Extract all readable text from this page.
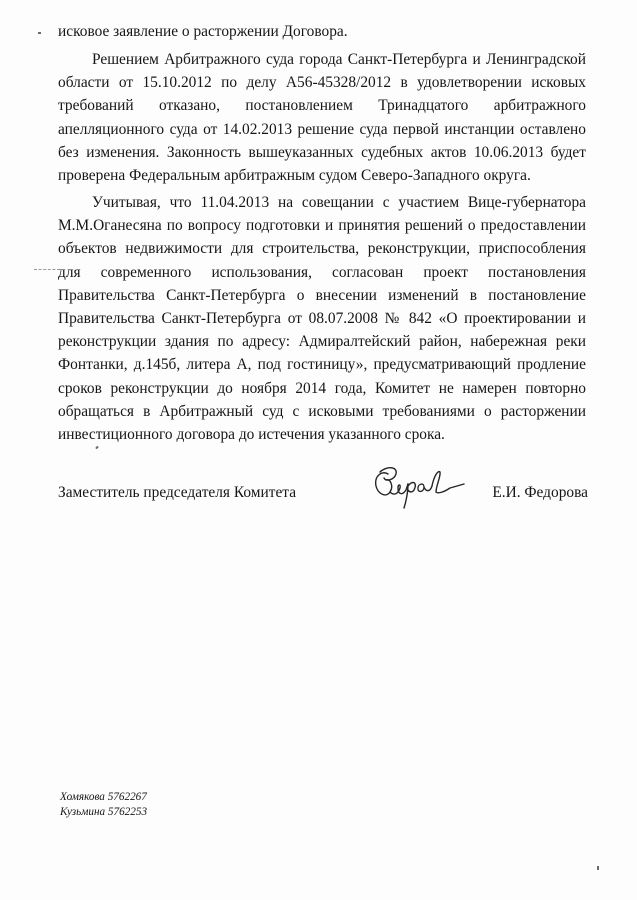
исковое заявление о расторжении Договора.

Решением Арбитражного суда города Санкт-Петербурга и Ленинградской области от 15.10.2012 по делу А56-45328/2012 в удовлетворении исковых требований отказано, постановлением Тринадцатого арбитражного апелляционного суда от 14.02.2013 решение суда первой инстанции оставлено без изменения. Законность вышеуказанных судебных актов 10.06.2013 будет проверена Федеральным арбитражным судом Северо-Западного округа.

Учитывая, что 11.04.2013 на совещании с участием Вице-губернатора М.М.Оганесяна по вопросу подготовки и принятия решений о предоставлении объектов недвижимости для строительства, реконструкции, приспособления для современного использования, согласован проект постановления Правительства Санкт-Петербурга о внесении изменений в постановление Правительства Санкт-Петербурга от 08.07.2008 № 842 «О проектировании и реконструкции здания по адресу: Адмиралтейский район, набережная реки Фонтанки, д.145б, литера А, под гостиницу», предусматривающий продление сроков реконструкции до ноября 2014 года, Комитет не намерен повторно обращаться в Арбитражный суд с исковыми требованиями о расторжении инвестиционного договора до истечения указанного срока.

Заместитель председателя Комитета	Е.И. Федорова
Хомякова 5762267
Кузьмина 5762253
